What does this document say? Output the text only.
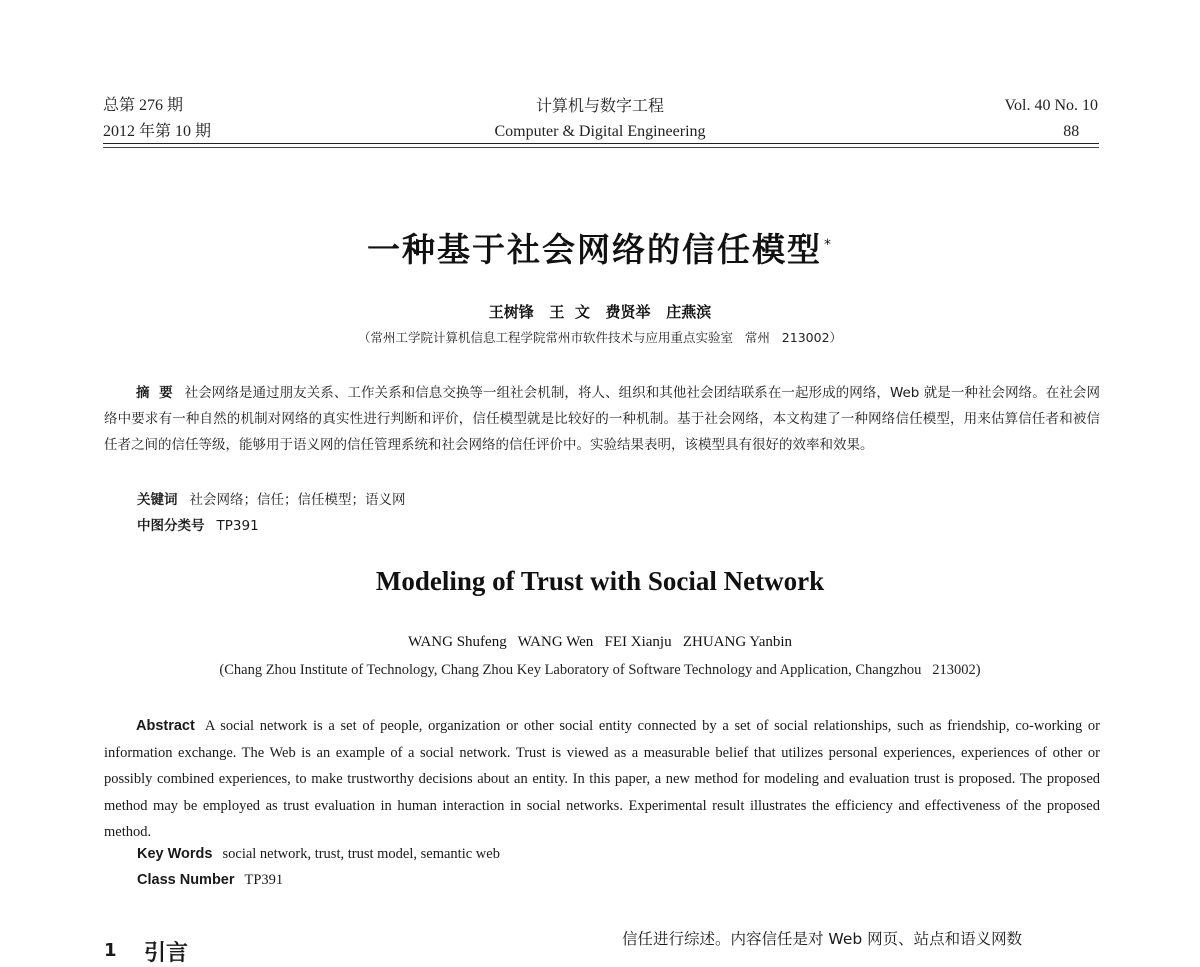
总第 276 期
2012 年第 10 期
计算机与数字工程
Computer & Digital Engineering
Vol. 40 No. 10
88
一种基于社会网络的信任模型 *
王树锋   王  文   费贤举   庄燕滨
（常州工学院计算机信息工程学院常州市软件技术与应用重点实验室   常州   213002）
摘  要 社会网络是通过朋友关系、工作关系和信息交换等一组社会机制，将人、组织和其他社会团结联系在一起形成的网络，Web 就是一种社会网络。在社会网络中要求有一种自然的机制对网络的真实性进行判断和评价，信任模型就是比较好的一种机制。基于社会网络，本文构建了一种网络信任模型，用来估算信任者和被信任者之间的信任等级，能够用于语义网的信任管理系统和社会网络的信任评价中。实验结果表明，该模型具有很好的效率和效果。
关键词 社会网络；信任；信任模型；语义网
中图分类号 TP391
Modeling of Trust with Social Network
WANG Shufeng   WANG Wen   FEI Xianju   ZHUANG Yanbin
(Chang Zhou Institute of Technology, Chang Zhou Key Laboratory of Software Technology and Application, Changzhou   213002)
Abstract A social network is a set of people, organization or other social entity connected by a set of social relationships, such as friendship, co-working or information exchange. The Web is an example of a social network. Trust is viewed as a measurable belief that utilizes personal experiences, experiences of other or possibly combined experiences, to make trustworthy decisions about an entity. In this paper, a new method for modeling and evaluation trust is proposed. The proposed method may be employed as trust evaluation in human interaction in social networks. Experimental result illustrates the efficiency and effectiveness of the proposed method.
Key Words social network, trust, trust model, semantic web
Class Number TP391
1 引言
信任进行综述。内容信任是对 Web 网页、站点和语义网数
